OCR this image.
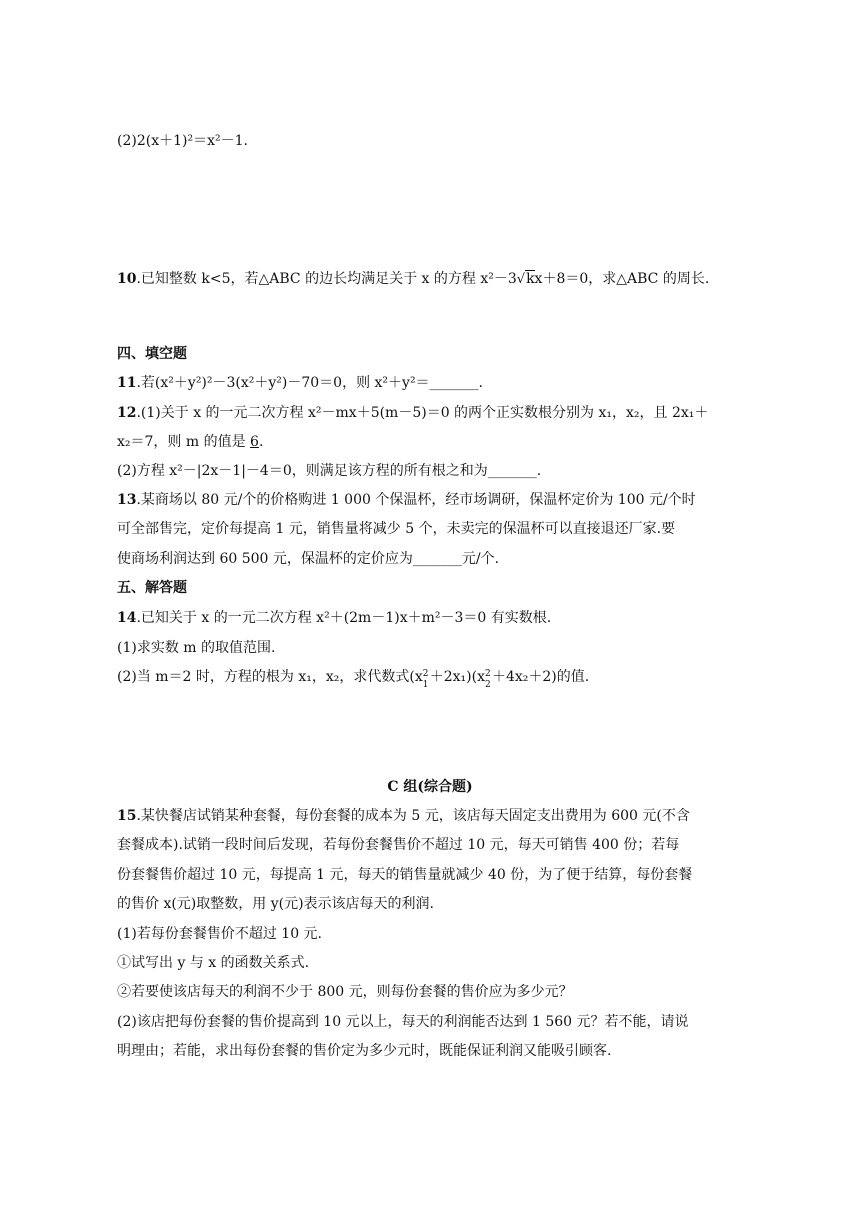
(2)2(x＋1)²＝x²－1.
10.已知整数 k<5，若△ABC 的边长均满足关于 x 的方程 x²－3√kx＋8＝0，求△ABC 的周长.
四、填空题
11.若(x²＋y²)²－3(x²＋y²)－70＝0，则 x²＋y²＝_______.
12.(1)关于 x 的一元二次方程 x²－mx＋5(m－5)＝0 的两个正实数根分别为 x₁，x₂，且 2x₁＋
x₂＝7，则 m 的值是 6.
(2)方程 x²－|2x－1|－4＝0，则满足该方程的所有根之和为_______.
13.某商场以 80 元/个的价格购进 1 000 个保温杯，经市场调研，保温杯定价为 100 元/个时
可全部售完，定价每提高 1 元，销售量将减少 5 个，未卖完的保温杯可以直接退还厂家.要
使商场利润达到 60 500 元，保温杯的定价应为_______元/个.
五、解答题
14.已知关于 x 的一元二次方程 x²＋(2m－1)x＋m²－3＝0 有实数根.
(1)求实数 m 的取值范围.
(2)当 m＝2 时，方程的根为 x₁，x₂，求代数式(x 2
1 ＋2x₁)(x 2
2 ＋4x₂＋2)的值.
C 组(综合题)
15.某快餐店试销某种套餐，每份套餐的成本为 5 元，该店每天固定支出费用为 600 元(不含
套餐成本).试销一段时间后发现，若每份套餐售价不超过 10 元，每天可销售 400 份；若每
份套餐售价超过 10 元，每提高 1 元，每天的销售量就减少 40 份，为了便于结算，每份套餐
的售价 x(元)取整数，用 y(元)表示该店每天的利润.
(1)若每份套餐售价不超过 10 元.
①试写出 y 与 x 的函数关系式.
②若要使该店每天的利润不少于 800 元，则每份套餐的售价应为多少元？
(2)该店把每份套餐的售价提高到 10 元以上，每天的利润能否达到 1 560 元？若不能，请说
明理由；若能，求出每份套餐的售价定为多少元时，既能保证利润又能吸引顾客.
